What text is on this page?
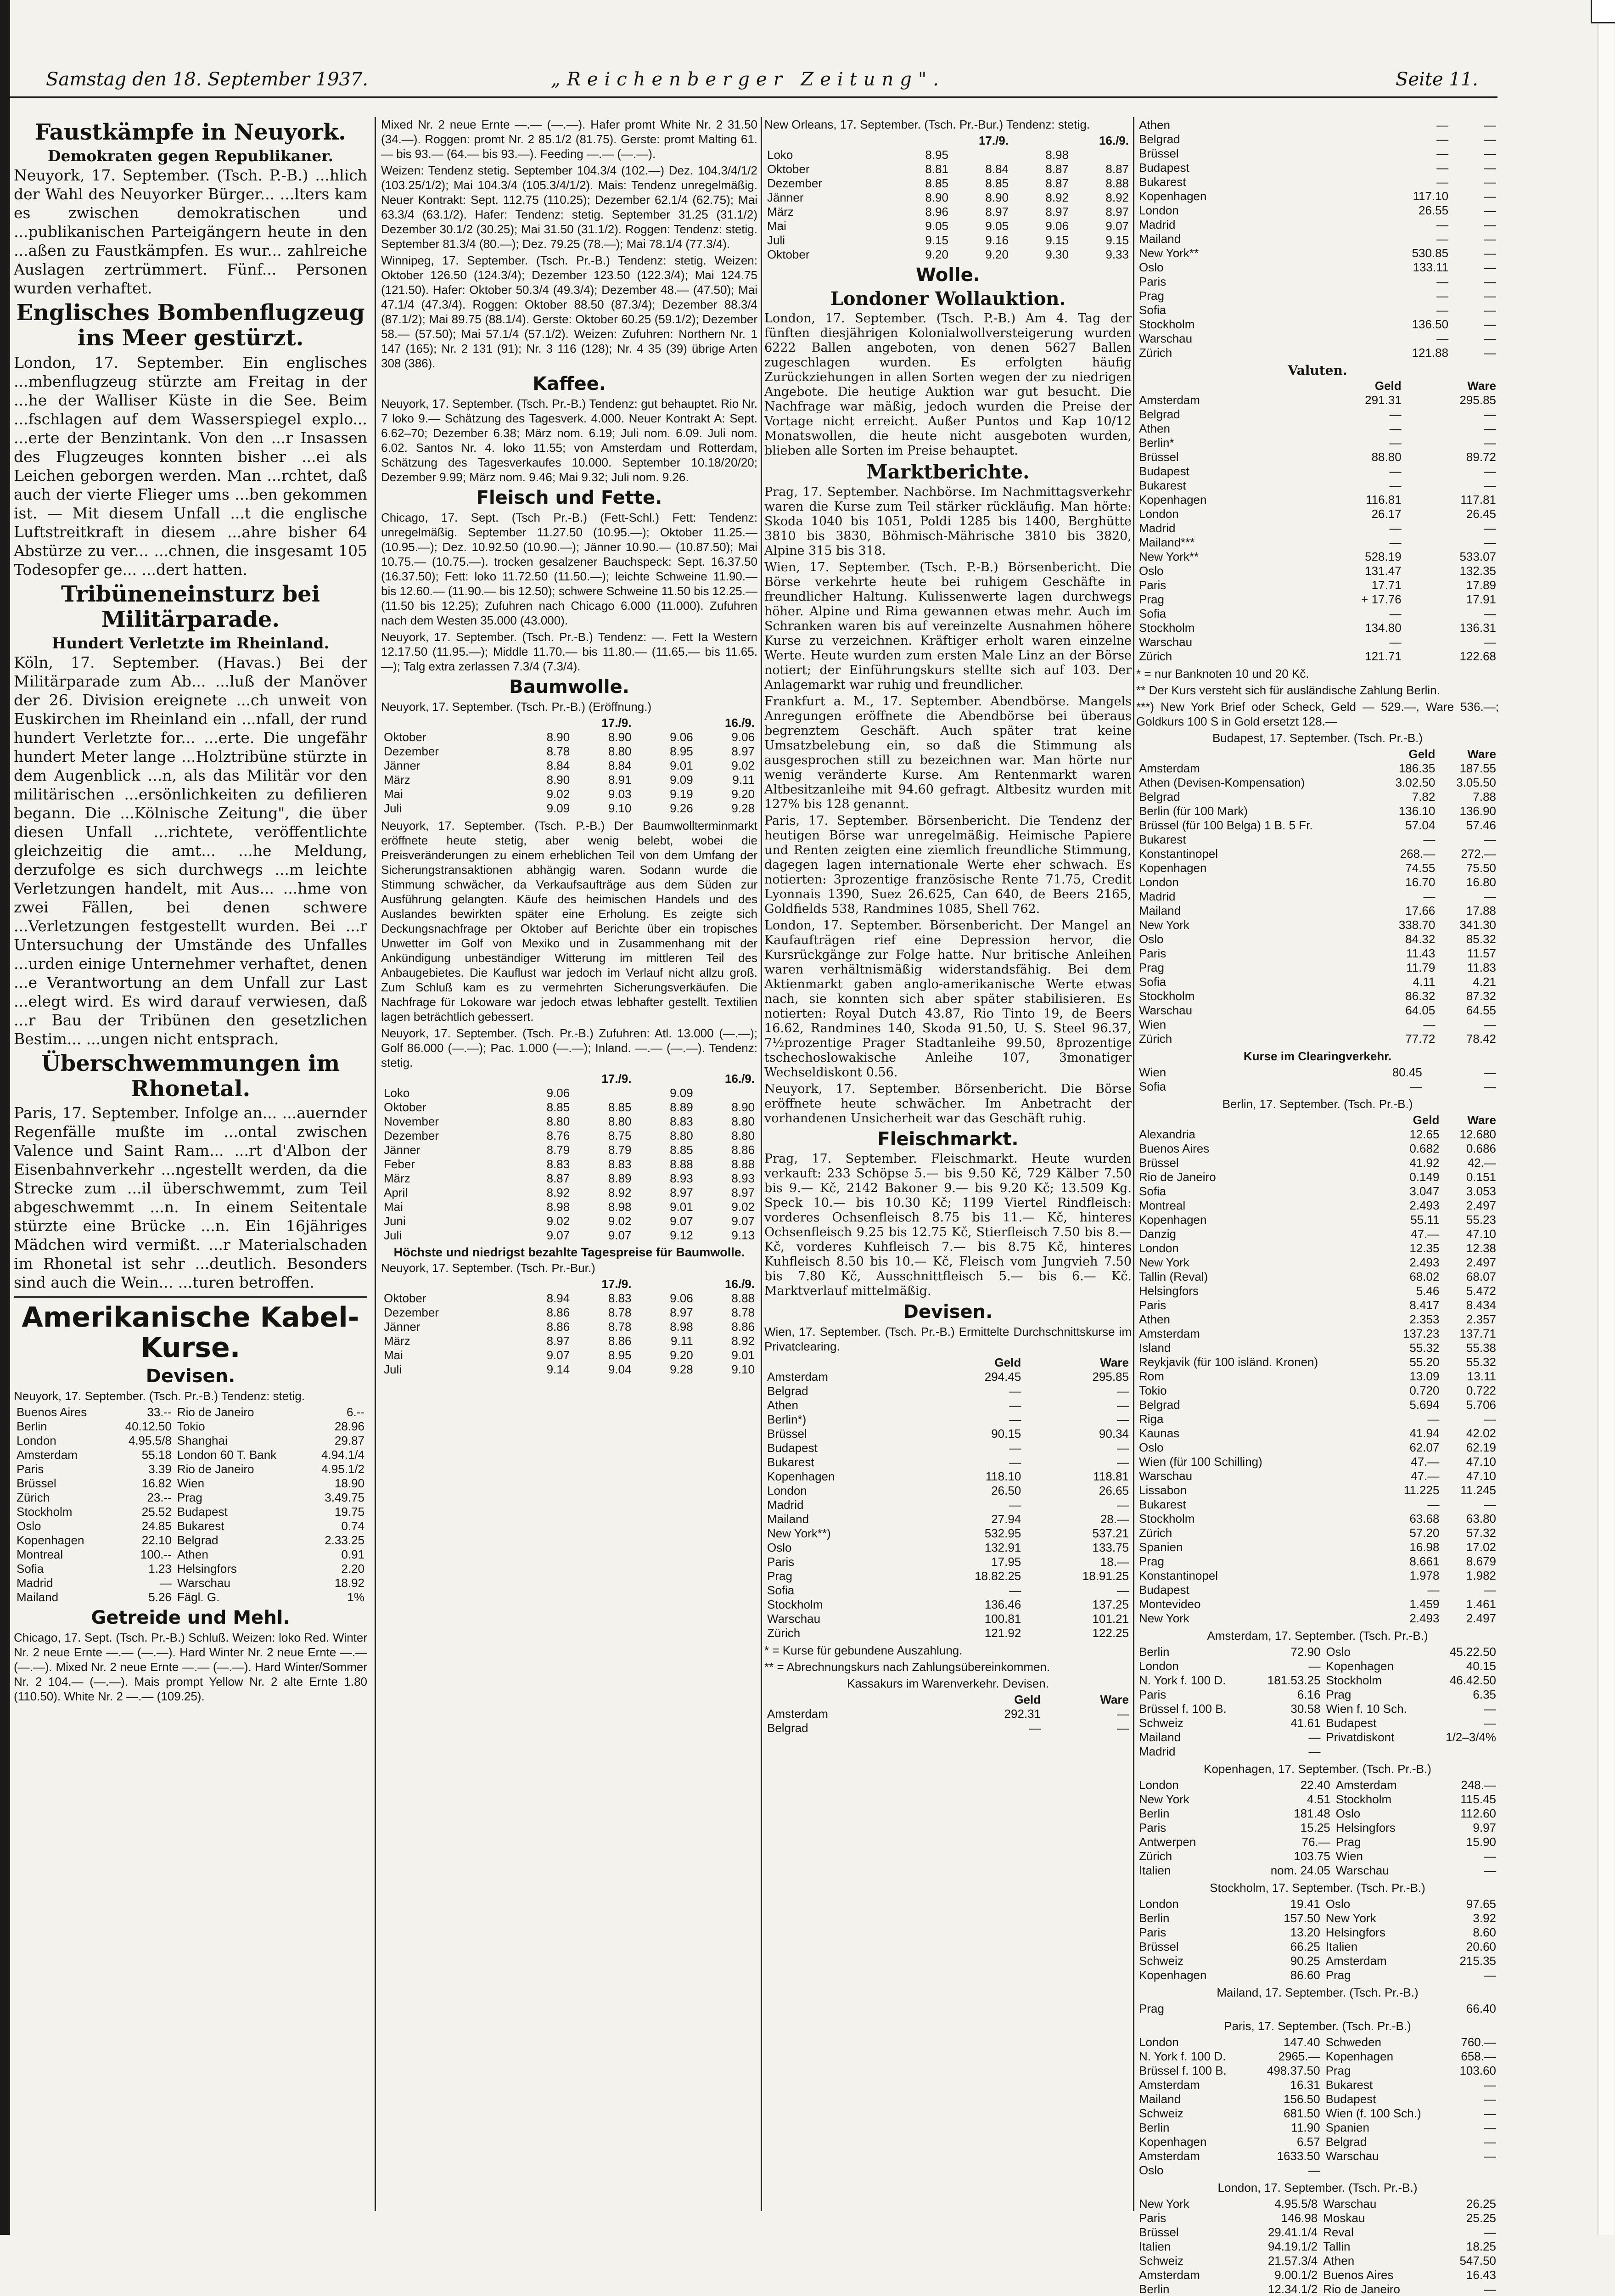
Samstag den 18. September 1937.	„Reichenberger Zeitung".	Seite 11.
Faustkämpfe in Neuyork.
Demokraten gegen Republikaner.

Neuyork, 17. September. (Tsch. P.-B.) ...hlich der Wahl des Neuyorker Bürger... ...lters kam es zwischen demokratischen und ...publikanischen Parteigängern heute in den ...aßen zu Faustkämpfen. Es wur... zahlreiche Auslagen zertrümmert. Fünf... Personen wurden verhaftet.

Englisches Bombenflugzeug ins Meer gestürzt.

London, 17. September. Ein englisches ...mbenflugzeug stürzte am Freitag in der ...he der Walliser Küste in die See. Beim ...fschlagen auf dem Wasserspiegel explo... ...erte der Benzintank. Von den ...r Insassen des Flugzeuges konnten bisher ...ei als Leichen geborgen werden. Man ...rchtet, daß auch der vierte Flieger ums ...ben gekommen ist. — Mit diesem Unfall ...t die englische Luftstreitkraft in diesem ...ahre bisher 64 Abstürze zu ver... ...chnen, die insgesamt 105 Todesopfer ge... ...dert hatten.

Tribüneneinsturz bei Militärparade.
Hundert Verletzte im Rheinland.

Köln, 17. September. (Havas.) Bei der Militärparade zum Ab... ...luß der Manöver der 26. Division ereignete ...ch unweit von Euskirchen im Rheinland ein ...nfall, der rund hundert Verletzte for... ...erte. Die ungefähr hundert Meter lange ...Holztribüne stürzte in dem Augenblick ...n, als das Militär vor den militärischen ...ersönlichkeiten zu defilieren begann. Die ...Kölnische Zeitung", die über diesen Unfall ...richtete, veröffentlichte gleichzeitig die amt... ...he Meldung, derzufolge es sich durchwegs ...m leichte Verletzungen handelt, mit Aus... ...hme von zwei Fällen, bei denen schwere ...Verletzungen festgestellt wurden. Bei ...r Untersuchung der Umstände des Unfalles ...urden einige Unternehmer verhaftet, denen ...e Verantwortung an dem Unfall zur Last ...elegt wird. Es wird darauf verwiesen, daß ...r Bau der Tribünen den gesetzlichen Bestim... ...ungen nicht entsprach.

Überschwemmungen im Rhonetal.

Paris, 17. September. Infolge an... ...auernder Regenfälle mußte im ...ontal zwischen Valence und Saint Ram... ...rt d'Albon der Eisenbahnverkehr ...ngestellt werden, da die Strecke zum ...il überschwemmt, zum Teil abgeschwemmt ...n. In einem Seitentale stürzte eine Brücke ...n. Ein 16jähriges Mädchen wird vermißt. ...r Materialschaden im Rhonetal ist sehr ...deutlich. Besonders sind auch die Wein... ...turen betroffen.

Amerikanische Kabel-Kurse.
Devisen.

Neuyork, 17. September. (Tsch. Pr.-B.) Tendenz: stetig.

Buenos Aires	33.--	Rio de Janeiro	6.--
Berlin	40.12.50	Tokio	28.96
London	4.95.5/8	Shanghai	29.87
Amsterdam	55.18	London 60 T. Bank	4.94.1/4
Paris	3.39	Rio de Janeiro	4.95.1/2
Brüssel	16.82	Wien	18.90
Zürich	23.--	Prag	3.49.75
Stockholm	25.52	Budapest	19.75
Oslo	24.85	Bukarest	0.74
Kopenhagen	22.10	Belgrad	2.33.25
Montreal	100.--	Athen	0.91
Sofia	1.23	Helsingfors	2.20
Madrid	—	Warschau	18.92
Mailand	5.26	Fägl. G.	1%
Getreide und Mehl.

Chicago, 17. Sept. (Tsch. Pr.-B.) Schluß. Weizen: loko Red. Winter Nr. 2 neue Ernte —.— (—.—). Hard Winter Nr. 2 neue Ernte —.— (—.—). Mixed Nr. 2 neue Ernte —.— (—.—). Hard Winter/Sommer Nr. 2 104.— (—.—). Mais prompt Yellow Nr. 2 alte Ernte 1.80 (110.50). White Nr. 2 —.— (109.25).

Mixed Nr. 2 neue Ernte —.— (—.—). Hafer promt White Nr. 2 31.50 (34.—). Roggen: promt Nr. 2 85.1/2 (81.75). Gerste: promt Malting 61.— bis 93.— (64.— bis 93.—). Feeding —.— (—.—).

Weizen: Tendenz stetig. September 104.3/4 (102.—) Dez. 104.3/4/1/2 (103.25/1/2); Mai 104.3/4 (105.3/4/1/2). Mais: Tendenz unregelmäßig. Neuer Kontrakt: Sept. 112.75 (110.25); Dezember 62.1/4 (62.75); Mai 63.3/4 (63.1/2). Hafer: Tendenz: stetig. September 31.25 (31.1/2) Dezember 30.1/2 (30.25); Mai 31.50 (31.1/2). Roggen: Tendenz: stetig. September 81.3/4 (80.—); Dez. 79.25 (78.—); Mai 78.1/4 (77.3/4).

Winnipeg, 17. September. (Tsch. Pr.-B.) Tendenz: stetig. Weizen: Oktober 126.50 (124.3/4); Dezember 123.50 (122.3/4); Mai 124.75 (121.50). Hafer: Oktober 50.3/4 (49.3/4); Dezember 48.— (47.50); Mai 47.1/4 (47.3/4). Roggen: Oktober 88.50 (87.3/4); Dezember 88.3/4 (87.1/2); Mai 89.75 (88.1/4). Gerste: Oktober 60.25 (59.1/2); Dezember 58.— (57.50); Mai 57.1/4 (57.1/2). Weizen: Zufuhren: Northern Nr. 1 147 (165); Nr. 2 131 (91); Nr. 3 116 (128); Nr. 4 35 (39) übrige Arten 308 (386).

Kaffee.

Neuyork, 17. September. (Tsch. Pr.-B.) Tendenz: gut behauptet. Rio Nr. 7 loko 9.— Schätzung des Tagesverk. 4.000. Neuer Kontrakt A: Sept. 6.62–70; Dezember 6.38; März nom. 6.19; Juli nom. 6.09. Juli nom. 6.02. Santos Nr. 4. loko 11.55; von Amsterdam und Rotterdam, Schätzung des Tagesverkaufes 10.000. September 10.18/20/20; Dezember 9.99; März nom. 9.46; Mai 9.32; Juli nom. 9.26.

Fleisch und Fette.

Chicago, 17. Sept. (Tsch Pr.-B.) (Fett-Schl.) Fett: Tendenz: unregelmäßig. September 11.27.50 (10.95.—); Oktober 11.25.— (10.95.—); Dez. 10.92.50 (10.90.—); Jänner 10.90.— (10.87.50); Mai 10.75.— (10.75.—). trocken gesalzener Bauchspeck: Sept. 16.37.50 (16.37.50); Fett: loko 11.72.50 (11.50.—); leichte Schweine 11.90.— bis 12.60.— (11.90.— bis 12.50); schwere Schweine 11.50 bis 12.25.— (11.50 bis 12.25); Zufuhren nach Chicago 6.000 (11.000). Zufuhren nach dem Westen 35.000 (43.000).

Neuyork, 17. September. (Tsch. Pr.-B.) Tendenz: —. Fett Ia Western 12.17.50 (11.95.—); Middle 11.70.— bis 11.80.— (11.65.— bis 11.65.—); Talg extra zerlassen 7.3/4 (7.3/4).

Baumwolle.

Neuyork, 17. September. (Tsch. Pr.-B.) (Eröffnung.)

	17./9.		16./9.	
Oktober	8.90	8.90	9.06	9.06
Dezember	8.78	8.80	8.95	8.97
Jänner	8.84	8.84	9.01	9.02
März	8.90	8.91	9.09	9.11
Mai	9.02	9.03	9.19	9.20
Juli	9.09	9.10	9.26	9.28

Neuyork, 17. September. (Tsch. P.-B.) Der Baumwollterminmarkt eröffnete heute stetig, aber wenig belebt, wobei die Preisveränderungen zu einem erheblichen Teil von dem Umfang der Sicherungstransaktionen abhängig waren. Sodann wurde die Stimmung schwächer, da Verkaufsaufträge aus dem Süden zur Ausführung gelangten. Käufe des heimischen Handels und des Auslandes bewirkten später eine Erholung. Es zeigte sich Deckungsnachfrage per Oktober auf Berichte über ein tropisches Unwetter im Golf von Mexiko und in Zusammenhang mit der Ankündigung unbeständiger Witterung im mittleren Teil des Anbaugebietes. Die Kauflust war jedoch im Verlauf nicht allzu groß. Zum Schluß kam es zu vermehrten Sicherungsverkäufen. Die Nachfrage für Lokoware war jedoch etwas lebhafter gestellt. Textilien lagen beträchtlich gebessert.

Neuyork, 17. September. (Tsch. Pr.-B.) Zufuhren: Atl. 13.000 (—.—); Golf 86.000 (—.—); Pac. 1.000 (—.—); Inland. —.— (—.—). Tendenz: stetig.

	17./9.		16./9.	
Loko	9.06		9.09	
Oktober	8.85	8.85	8.89	8.90
November	8.80	8.80	8.83	8.80
Dezember	8.76	8.75	8.80	8.80
Jänner	8.79	8.79	8.85	8.86
Feber	8.83	8.83	8.88	8.88
März	8.87	8.89	8.93	8.93
April	8.92	8.92	8.97	8.97
Mai	8.98	8.98	9.01	9.02
Juni	9.02	9.02	9.07	9.07
Juli	9.07	9.07	9.12	9.13
Höchste und niedrigst bezahlte Tagespreise für Baumwolle.

Neuyork, 17. September. (Tsch. Pr.-Bur.)

	17./9.		16./9.	
Oktober	8.94	8.83	9.06	8.88
Dezember	8.86	8.78	8.97	8.78
Jänner	8.86	8.78	8.98	8.86
März	8.97	8.86	9.11	8.92
Mai	9.07	8.95	9.20	9.01
Juli	9.14	9.04	9.28	9.10

New Orleans, 17. September. (Tsch. Pr.-Bur.) Tendenz: stetig.

	17./9.		16./9.	
Loko	8.95		8.98	
Oktober	8.81	8.84	8.87	8.87
Dezember	8.85	8.85	8.87	8.88
Jänner	8.90	8.90	8.92	8.92
März	8.96	8.97	8.97	8.97
Mai	9.05	9.05	9.06	9.07
Juli	9.15	9.16	9.15	9.15
Oktober	9.20	9.20	9.30	9.33
Wolle.
Londoner Wollauktion.

London, 17. September. (Tsch. P.-B.) Am 4. Tag der fünften diesjährigen Kolonialwollversteigerung wurden 6222 Ballen angeboten, von denen 5627 Ballen zugeschlagen wurden. Es erfolgten häufig Zurückziehungen in allen Sorten wegen der zu niedrigen Angebote. Die heutige Auktion war gut besucht. Die Nachfrage war mäßig, jedoch wurden die Preise der Vortage nicht erreicht. Außer Puntos und Kap 10/12 Monatswollen, die heute nicht ausgeboten wurden, blieben alle Sorten im Preise behauptet.

Marktberichte.

Prag, 17. September. Nachbörse. Im Nachmittagsverkehr waren die Kurse zum Teil stärker rückläufig. Man hörte: Skoda 1040 bis 1051, Poldi 1285 bis 1400, Berghütte 3810 bis 3830, Böhmisch-Mährische 3810 bis 3820, Alpine 315 bis 318.

Wien, 17. September. (Tsch. P.-B.) Börsenbericht. Die Börse verkehrte heute bei ruhigem Geschäfte in freundlicher Haltung. Kulissenwerte lagen durchwegs höher. Alpine und Rima gewannen etwas mehr. Auch im Schranken waren bis auf vereinzelte Ausnahmen höhere Kurse zu verzeichnen. Kräftiger erholt waren einzelne Werte. Heute wurden zum ersten Male Linz an der Börse notiert; der Einführungskurs stellte sich auf 103. Der Anlagemarkt war ruhig und freundlicher.

Frankfurt a. M., 17. September. Abendbörse. Mangels Anregungen eröffnete die Abendbörse bei überaus begrenztem Geschäft. Auch später trat keine Umsatzbelebung ein, so daß die Stimmung als ausgesprochen still zu bezeichnen war. Man hörte nur wenig veränderte Kurse. Am Rentenmarkt waren Altbesitzanleihe mit 94.60 gefragt. Altbesitz wurden mit 127% bis 128 genannt.

Paris, 17. September. Börsenbericht. Die Tendenz der heutigen Börse war unregelmäßig. Heimische Papiere und Renten zeigten eine ziemlich freundliche Stimmung, dagegen lagen internationale Werte eher schwach. Es notierten: 3prozentige französische Rente 71.75, Credit Lyonnais 1390, Suez 26.625, Can 640, de Beers 2165, Goldfields 538, Randmines 1085, Shell 762.

London, 17. September. Börsenbericht. Der Mangel an Kaufaufträgen rief eine Depression hervor, die Kursrückgänge zur Folge hatte. Nur britische Anleihen waren verhältnismäßig widerstandsfähig. Bei dem Aktienmarkt gaben anglo-amerikanische Werte etwas nach, sie konnten sich aber später stabilisieren. Es notierten: Royal Dutch 43.87, Rio Tinto 19, de Beers 16.62, Randmines 140, Skoda 91.50, U. S. Steel 96.37, 7½prozentige Prager Stadtanleihe 99.50, 8prozentige tschechoslowakische Anleihe 107, 3monatiger Wechseldiskont 0.56.

Neuyork, 17. September. Börsenbericht. Die Börse eröffnete heute schwächer. Im Anbetracht der vorhandenen Unsicherheit war das Geschäft ruhig.

Fleischmarkt.

Prag, 17. September. Fleischmarkt. Heute wurden verkauft: 233 Schöpse 5.— bis 9.50 Kč, 729 Kälber 7.50 bis 9.— Kč, 2142 Bakoner 9.— bis 9.20 Kč; 13.509 Kg. Speck 10.— bis 10.30 Kč; 1199 Viertel Rindfleisch: vorderes Ochsenfleisch 8.75 bis 11.— Kč, hinteres Ochsenfleisch 9.25 bis 12.75 Kč, Stierfleisch 7.50 bis 8.— Kč, vorderes Kuhfleisch 7.— bis 8.75 Kč, hinteres Kuhfleisch 8.50 bis 10.— Kč, Fleisch vom Jungvieh 7.50 bis 7.80 Kč, Ausschnittfleisch 5.— bis 6.— Kč. Marktverlauf mittelmäßig.

Devisen.

Wien, 17. September. (Tsch. Pr.-B.) Ermittelte Durchschnittskurse im Privatclearing.

	Geld	Ware
Amsterdam	294.45	295.85
Belgrad	—	—
Athen	—	—
Berlin*)	—	—
Brüssel	90.15	90.34
Budapest	—	—
Bukarest	—	—
Kopenhagen	118.10	118.81
London	26.50	26.65
Madrid	—	—
Mailand	27.94	28.—
New York**)	532.95	537.21
Oslo	132.91	133.75
Paris	17.95	18.—
Prag	18.82.25	18.91.25
Sofia	—	—
Stockholm	136.46	137.25
Warschau	100.81	101.21
Zürich	121.92	122.25

* = Kurse für gebundene Auszahlung.

** = Abrechnungskurs nach Zahlungsübereinkommen.

Kassakurs im Warenverkehr. Devisen.

	Geld	Ware
Amsterdam	292.31	—
Belgrad	—	—
Athen	—	—
Belgrad	—	—
Brüssel	—	—
Budapest	—	—
Bukarest	—	—
Kopenhagen	117.10	—
London	26.55	—
Madrid	—	—
Mailand	—	—
New York**	530.85	—
Oslo	133.11	—
Paris	—	—
Prag	—	—
Sofia	—	—
Stockholm	136.50	—
Warschau	—	—
Zürich	121.88	—
Valuten.
	Geld	Ware
Amsterdam	291.31	295.85
Belgrad	—	—
Athen	—	—
Berlin*	—	—
Brüssel	88.80	89.72
Budapest	—	—
Bukarest	—	—
Kopenhagen	116.81	117.81
London	26.17	26.45
Madrid	—	—
Mailand***	—	—
New York**	528.19	533.07
Oslo	131.47	132.35
Paris	17.71	17.89
Prag	+ 17.76	17.91
Sofia	—	—
Stockholm	134.80	136.31
Warschau	—	—
Zürich	121.71	122.68

* = nur Banknoten 10 und 20 Kč.

** Der Kurs versteht sich für ausländische Zahlung Berlin.

***) New York Brief oder Scheck, Geld — 529.—, Ware 536.—; Goldkurs 100 S in Gold ersetzt 128.—

Budapest, 17. September. (Tsch. Pr.-B.)

	Geld	Ware
Amsterdam	186.35	187.55
Athen (Devisen-Kompensation)	3.02.50	3.05.50
Belgrad	7.82	7.88
Berlin (für 100 Mark)	136.10	136.90
Brüssel (für 100 Belga) 1 B. 5 Fr.	57.04	57.46
Bukarest	—	—
Konstantinopel	268.—	272.—
Kopenhagen	74.55	75.50
London	16.70	16.80
Madrid	—	—
Mailand	17.66	17.88
New York	338.70	341.30
Oslo	84.32	85.32
Paris	11.43	11.57
Prag	11.79	11.83
Sofia	4.11	4.21
Stockholm	86.32	87.32
Warschau	64.05	64.55
Wien	—	—
Zürich	77.72	78.42

Kurse im Clearingverkehr.

Wien	80.45	—
Sofia	—	—

Berlin, 17. September. (Tsch. Pr.-B.)

	Geld	Ware
Alexandria	12.65	12.680
Buenos Aires	0.682	0.686
Brüssel	41.92	42.—
Rio de Janeiro	0.149	0.151
Sofia	3.047	3.053
Montreal	2.493	2.497
Kopenhagen	55.11	55.23
Danzig	47.—	47.10
London	12.35	12.38
New York	2.493	2.497
Tallin (Reval)	68.02	68.07
Helsingfors	5.46	5.472
Paris	8.417	8.434
Athen	2.353	2.357
Amsterdam	137.23	137.71
Island	55.32	55.38
Reykjavik (für 100 isländ. Kronen)	55.20	55.32
Rom	13.09	13.11
Tokio	0.720	0.722
Belgrad	5.694	5.706
Riga	—	—
Kaunas	41.94	42.02
Oslo	62.07	62.19
Wien (für 100 Schilling)	47.—	47.10
Warschau	47.—	47.10
Lissabon	11.225	11.245
Bukarest	—	—
Stockholm	63.68	63.80
Zürich	57.20	57.32
Spanien	16.98	17.02
Prag	8.661	8.679
Konstantinopel	1.978	1.982
Budapest	—	—
Montevideo	1.459	1.461
New York	2.493	2.497

Amsterdam, 17. September. (Tsch. Pr.-B.)

Berlin	72.90	Oslo	45.22.50
London	—	Kopenhagen	40.15
N. York f. 100 D.	181.53.25	Stockholm	46.42.50
Paris	6.16	Prag	6.35
Brüssel f. 100 B.	30.58	Wien f. 10 Sch.	—
Schweiz	41.61	Budapest	—
Mailand	—	Privatdiskont	1/2–3/4%
Madrid	—		

Kopenhagen, 17. September. (Tsch. Pr.-B.)

London	22.40	Amsterdam	248.—
New York	4.51	Stockholm	115.45
Berlin	181.48	Oslo	112.60
Paris	15.25	Helsingfors	9.97
Antwerpen	76.—	Prag	15.90
Zürich	103.75	Wien	—
Italien	nom. 24.05	Warschau	—

Stockholm, 17. September. (Tsch. Pr.-B.)

London	19.41	Oslo	97.65
Berlin	157.50	New York	3.92
Paris	13.20	Helsingfors	8.60
Brüssel	66.25	Italien	20.60
Schweiz	90.25	Amsterdam	215.35
Kopenhagen	86.60	Prag	—

Mailand, 17. September. (Tsch. Pr.-B.)

Prag	66.40

Paris, 17. September. (Tsch. Pr.-B.)

London	147.40	Schweden	760.—
N. York f. 100 D.	2965.—	Kopenhagen	658.—
Brüssel f. 100 B.	498.37.50	Prag	103.60
Amsterdam	16.31	Bukarest	—
Mailand	156.50	Budapest	—
Schweiz	681.50	Wien (f. 100 Sch.)	—
Berlin	11.90	Spanien	—
Kopenhagen	6.57	Belgrad	—
Amsterdam	1633.50	Warschau	—
Oslo	—		

London, 17. September. (Tsch. Pr.-B.)

New York	4.95.5/8	Warschau	26.25
Paris	146.98	Moskau	25.25
Brüssel	29.41.1/4	Reval	—
Italien	94.19.1/2	Tallin	18.25
Schweiz	21.57.3/4	Athen	547.50
Amsterdam	9.00.1/2	Buenos Aires	16.43
Berlin	12.34.1/2	Rio de Janeiro	—
